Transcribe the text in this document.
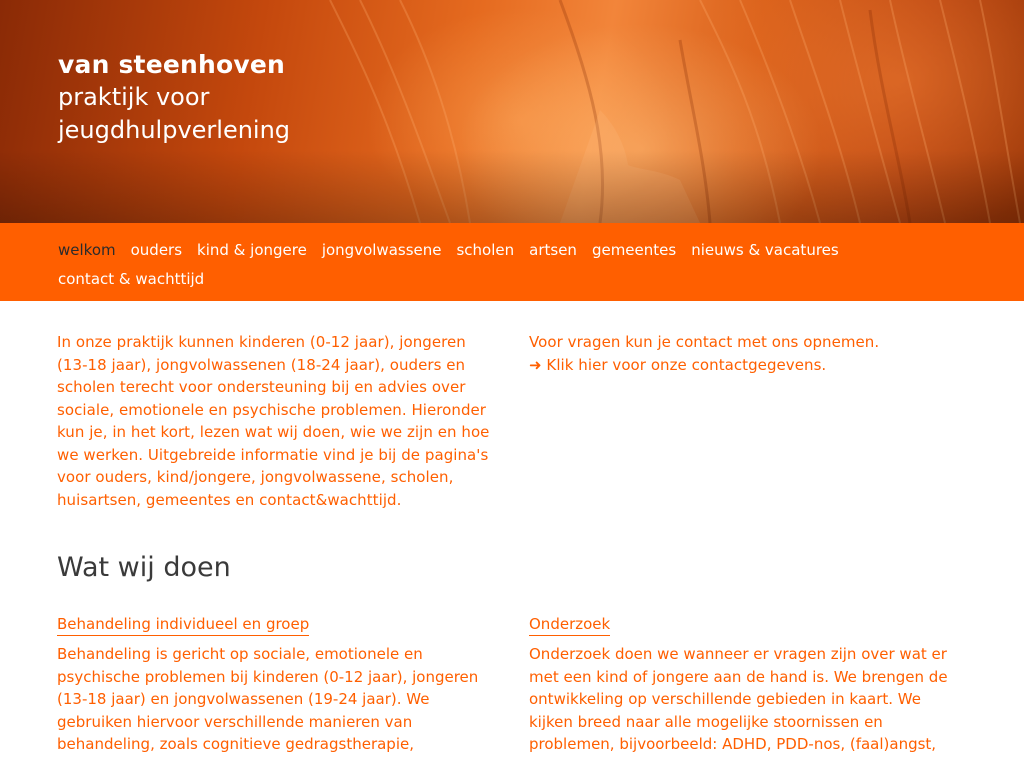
van steenhoven
praktijk voor
jeugdhulpverlening
welkom ouders kind & jongere jongvolwassene scholen artsen gemeentes nieuws & vacatures
contact & wachttijd

In onze praktijk kunnen kinderen (0-12 jaar), jongeren (13-18 jaar), jongvolwassenen (18-24 jaar), ouders en scholen terecht voor ondersteuning bij en advies over sociale, emotionele en psychische problemen. Hieronder kun je, in het kort, lezen wat wij doen, wie we zijn en hoe we werken. Uitgebreide informatie vind je bij de pagina's voor ouders, kind/jongere, jongvolwassene, scholen, huisartsen, gemeentes en contact&wachttijd.

Voor vragen kun je contact met ons opnemen.

➜ Klik hier voor onze contactgegevens.

Wat wij doen
Behandeling individueel en groep

Behandeling is gericht op sociale, emotionele en psychische problemen bij kinderen (0-12 jaar), jongeren (13-18 jaar) en jongvolwassenen (19-24 jaar). We gebruiken hiervoor verschillende manieren van behandeling, zoals cognitieve gedragstherapie,

Onderzoek

Onderzoek doen we wanneer er vragen zijn over wat er met een kind of jongere aan de hand is. We brengen de ontwikkeling op verschillende gebieden in kaart. We kijken breed naar alle mogelijke stoornissen en problemen, bijvoorbeeld: ADHD, PDD-nos, (faal)angst,
